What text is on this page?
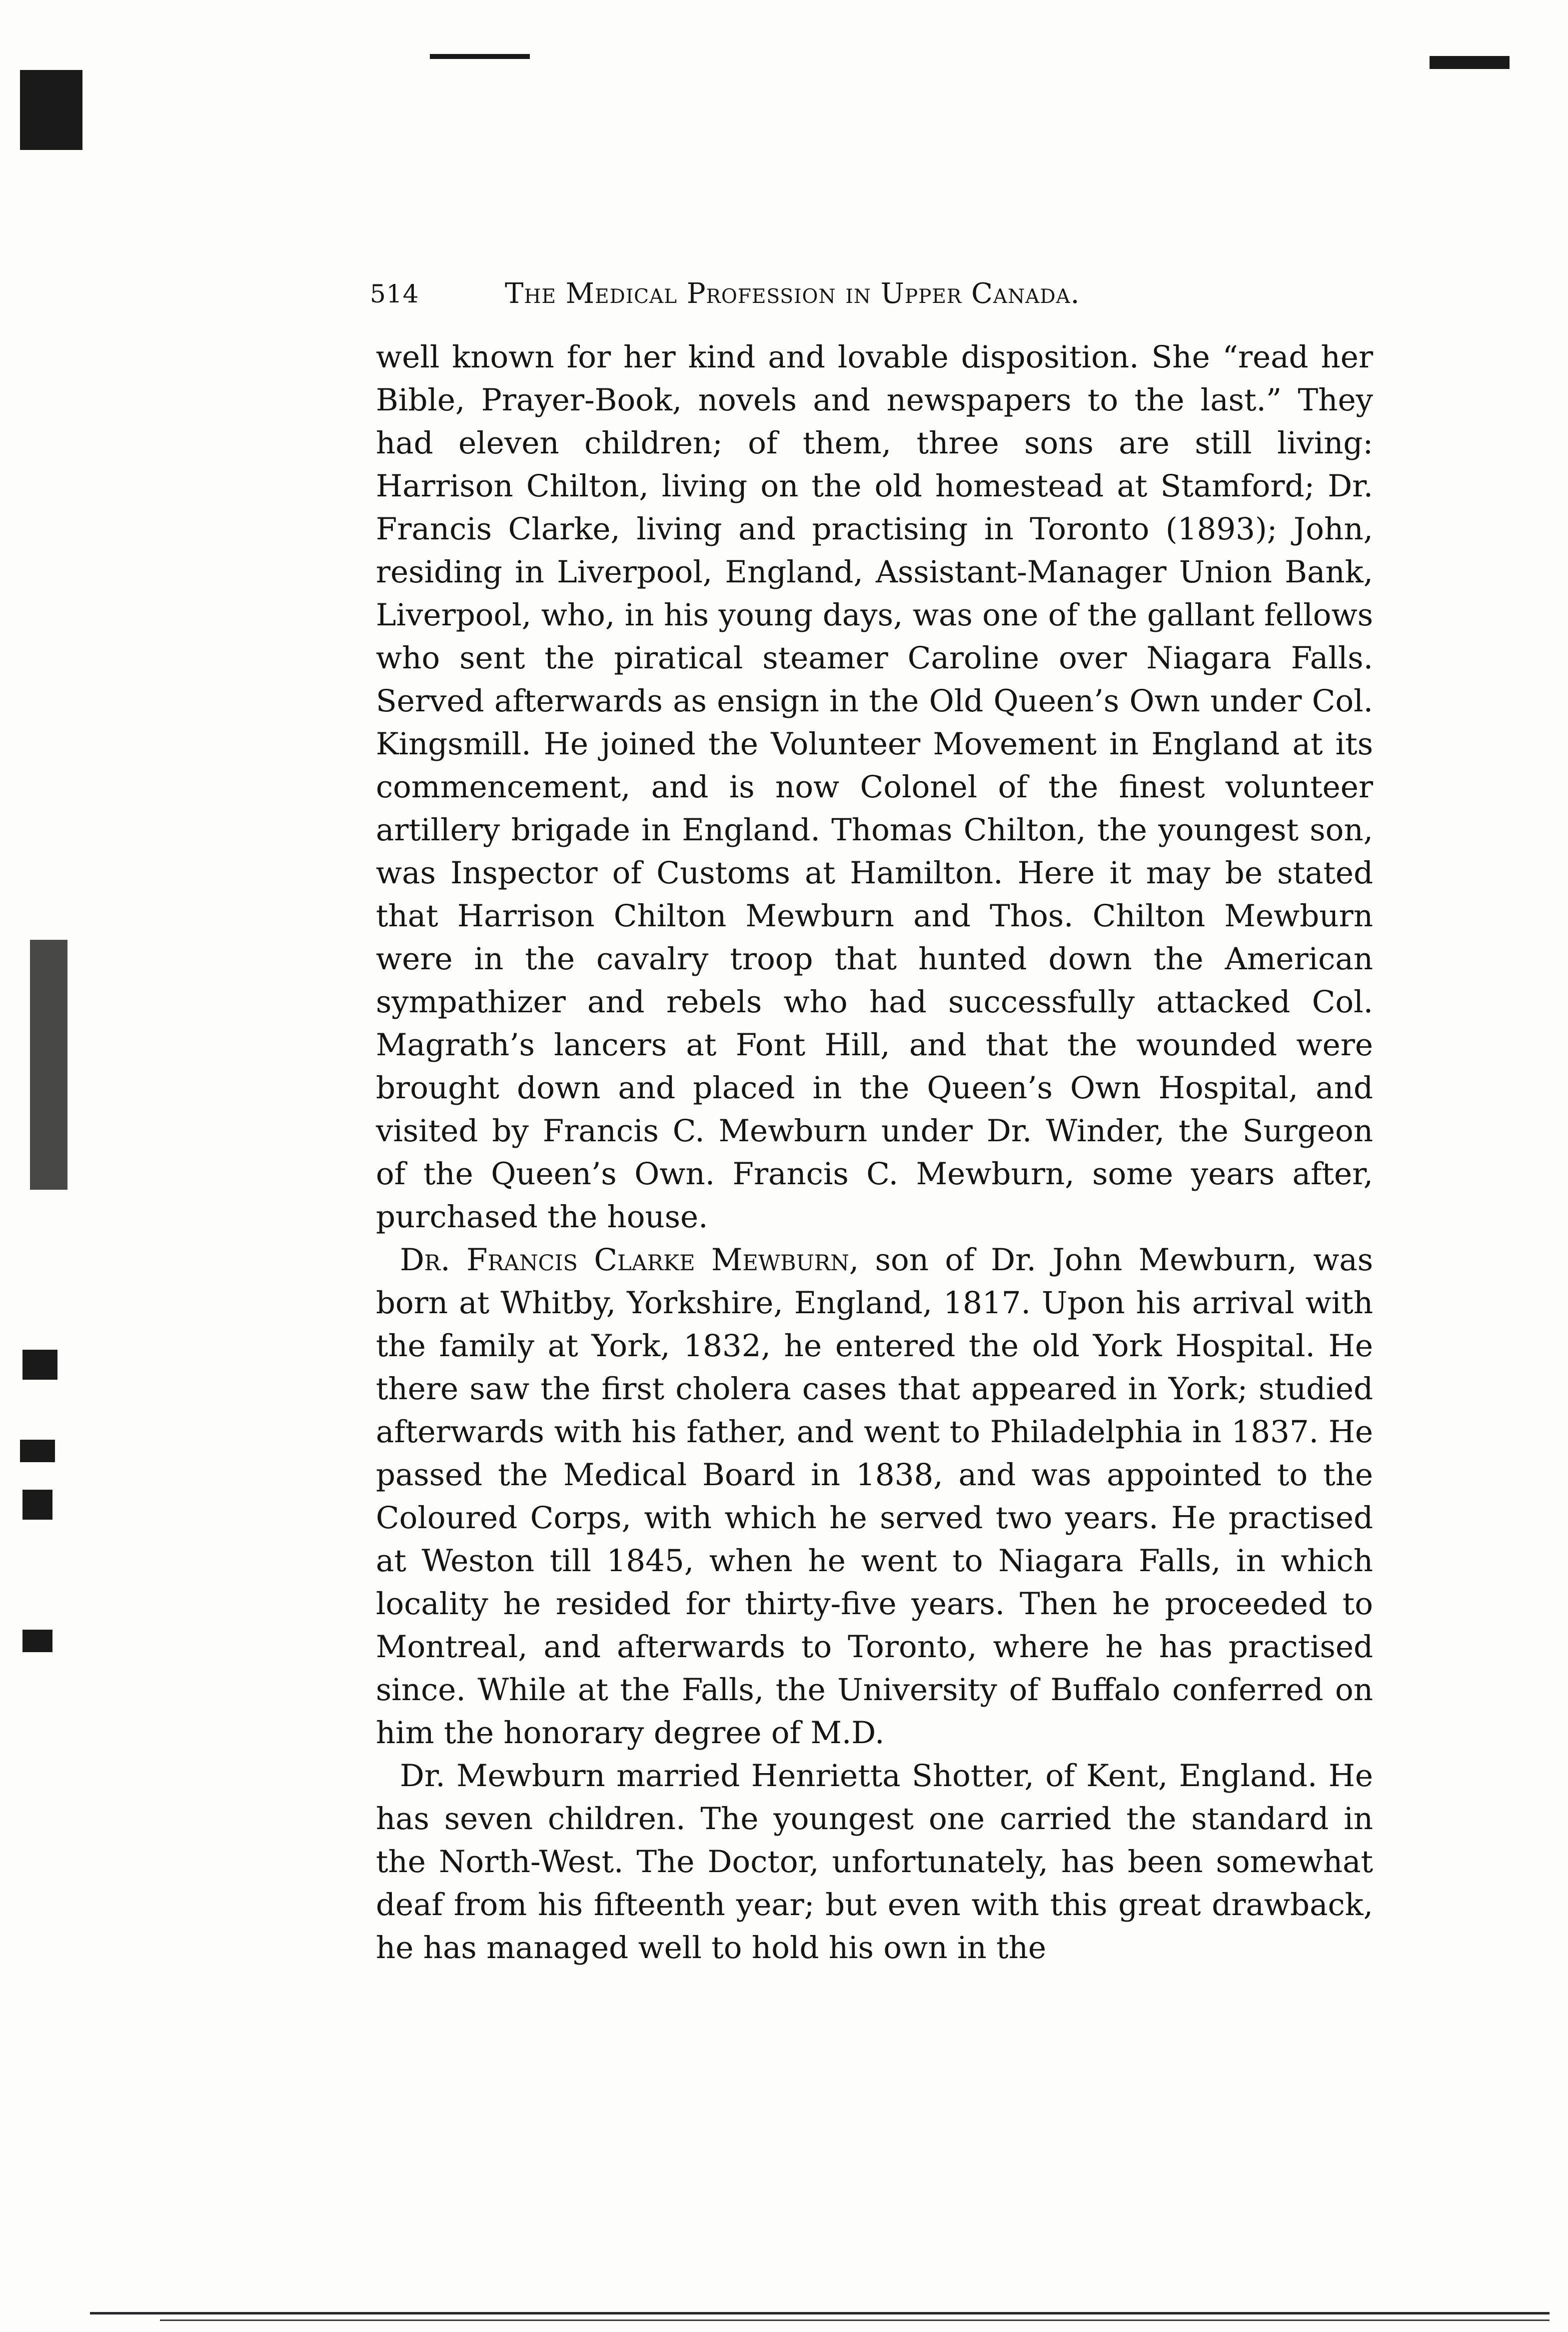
514	The Medical Profession in Upper Canada.

well known for her kind and lovable disposition. She “read her Bible, Prayer-Book, novels and newspapers to the last.” They had eleven children; of them, three sons are still living: Harrison Chilton, living on the old homestead at Stamford; Dr. Francis Clarke, living and practising in Toronto (1893); John, residing in Liverpool, England, Assistant-Manager Union Bank, Liverpool, who, in his young days, was one of the gallant fellows who sent the piratical steamer Caroline over Niagara Falls. Served afterwards as ensign in the Old Queen’s Own under Col. Kingsmill. He joined the Volunteer Movement in England at its commencement, and is now Colonel of the finest volunteer artillery brigade in England. Thomas Chilton, the youngest son, was Inspector of Customs at Hamilton. Here it may be stated that Harrison Chilton Mewburn and Thos. Chilton Mewburn were in the cavalry troop that hunted down the American sympathizer and rebels who had successfully attacked Col. Magrath’s lancers at Font Hill, and that the wounded were brought down and placed in the Queen’s Own Hospital, and visited by Francis C. Mewburn under Dr. Winder, the Surgeon of the Queen’s Own. Francis C. Mewburn, some years after, purchased the house.

Dr. Francis Clarke Mewburn, son of Dr. John Mewburn, was born at Whitby, Yorkshire, England, 1817. Upon his arrival with the family at York, 1832, he entered the old York Hospital. He there saw the first cholera cases that appeared in York; studied afterwards with his father, and went to Philadelphia in 1837. He passed the Medical Board in 1838, and was appointed to the Coloured Corps, with which he served two years. He practised at Weston till 1845, when he went to Niagara Falls, in which locality he resided for thirty-five years. Then he proceeded to Montreal, and afterwards to Toronto, where he has practised since. While at the Falls, the University of Buffalo conferred on him the honorary degree of M.D.

Dr. Mewburn married Henrietta Shotter, of Kent, England. He has seven children. The youngest one carried the standard in the North-West. The Doctor, unfortunately, has been somewhat deaf from his fifteenth year; but even with this great drawback, he has managed well to hold his own in the
